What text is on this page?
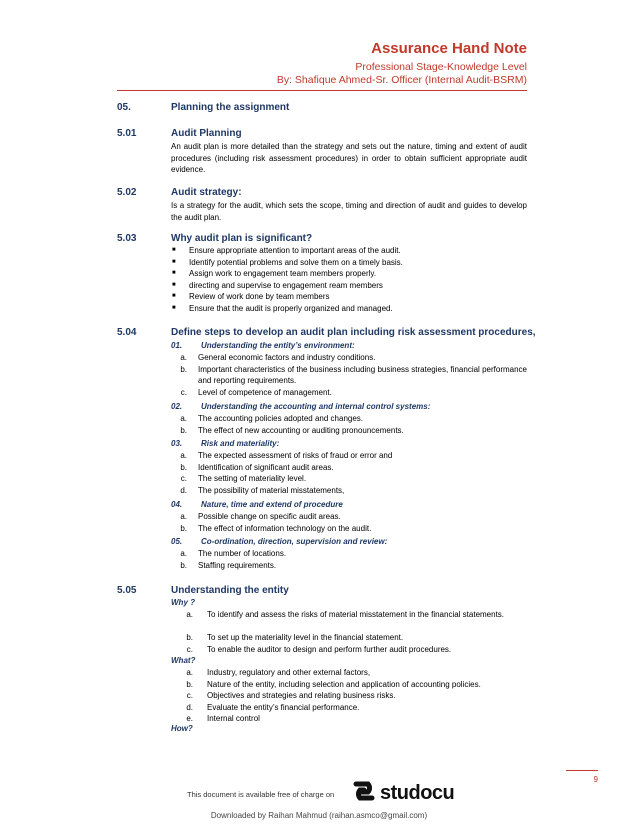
Assurance Hand Note
Professional Stage-Knowledge Level
By: Shafique Ahmed-Sr. Officer (Internal Audit-BSRM)
05.	Planning the assignment
5.01	Audit Planning
An audit plan is more detailed than the strategy and sets out the nature, timing and extent of audit procedures (including risk assessment procedures) in order to obtain sufficient appropriate audit evidence.
5.02	Audit strategy:
Is a strategy for the audit, which sets the scope, timing and direction of audit and guides to develop the audit plan.
5.03	Why audit plan is significant?
■ Ensure appropriate attention to important areas of the audit.
■ Identify potential problems and solve them on a timely basis.
■ Assign work to engagement team members properly.
■ directing and supervise to engagement ream members
■ Review of work done by team members
■ Ensure that the audit is properly organized and managed.
5.04	Define steps to develop an audit plan including risk assessment procedures,
01. Understanding the entity’s environment:
a.	General economic factors and industry conditions.
b.	Important characteristics of the business including business strategies, financial performance and reporting requirements.
c.	Level of competence of management.
02. Understanding the accounting and internal control systems:
a.	The accounting policies adopted and changes.
b.	The effect of new accounting or auditing pronouncements.
03. Risk and materiality:
a.	The expected assessment of risks of fraud or error and
b.	Identification of significant audit areas.
c.	The setting of materiality level.
d.	The possibility of material misstatements,
04. Nature, time and extend of procedure
a.	Possible change on specific audit areas.
b.	The effect of information technology on the audit.
05. Co-ordination, direction, supervision and review:
a.	The number of locations.
b.	Staffing requirements.
5.05	Understanding the entity
Why ?
a.	To identify and assess the risks of material misstatement in the financial statements.
b.	To set up the materiality level in the financial statement.
c.	To enable the auditor to design and perform further audit procedures.
What?
a.	Industry, regulatory and other external factors,
b.	Nature of the entity, including selection and application of accounting policies.
c.	Objectives and strategies and relating business risks.
d.	Evaluate the entity’s financial performance.
e.	Internal control
How?
9
This document is available free of charge on studocu
Downloaded by Raihan Mahmud (raihan.asmco@gmail.com)
